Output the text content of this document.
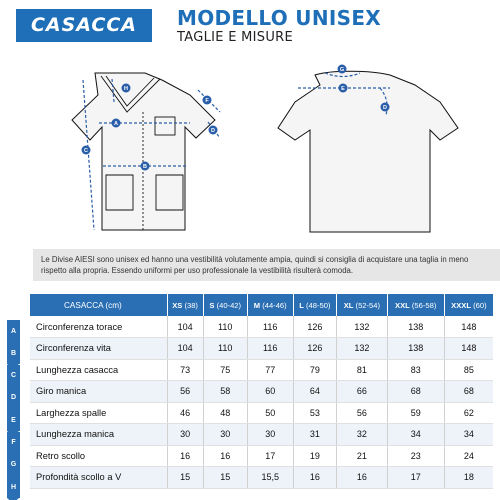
CASACCA	MODELLO UNISEX
TAGLIE E MISURE
A
B
C
D
F
H
G
E
D
Le Divise AIESI sono unisex ed hanno una vestibilità volutamente ampia, quindi si consiglia di acquistare una taglia in meno rispetto alla propria. Essendo uniformi per uso professionale la vestibilità risulterà comoda.
A
B
C
D
E
F
G
H
CASACCA (cm)	XS (38)	S (40-42)	M (44-46)	L (48-50)	XL (52-54)	XXL (56-58)	XXXL (60)
Circonferenza torace	104	110	116	126	132	138	148
Circonferenza vita	104	110	116	126	132	138	148
Lunghezza casacca	73	75	77	79	81	83	85
Giro manica	56	58	60	64	66	68	68
Larghezza spalle	46	48	50	53	56	59	62
Lunghezza manica	30	30	30	31	32	34	34
Retro scollo	16	16	17	19	21	23	24
Profondità scollo a V	15	15	15,5	16	16	17	18
